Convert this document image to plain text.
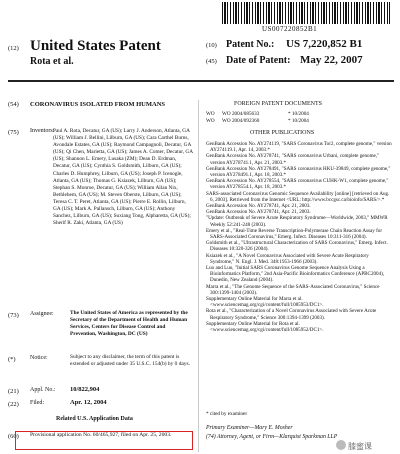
US007220852B1
(12) United States Patent
Rota et al.
(10) Patent No.: US 7,220,852 B1
(45) Date of Patent: May 22, 2007
(54) CORONAVIRUS ISOLATED FROM HUMANS	FOREIGN PATENT DOCUMENTS
WO WO 2004/085633	* 10/2004
WO WO 2004/092360	* 10/2004
OTHER PUBLICATIONS
(75) Inventors:
Paul A. Rota, Decatur, GA (US); Larry J. Anderson, Atlanta, GA (US); William J. Bellini, Lilburn, GA (US); Cara Carthel Burns, Avondale Estates, GA (US); Raymond Campagnoli, Decatur, GA (US); Qi Chen, Marietta, GA (US); James A. Comer, Decatur, GA (US); Shannon L. Emery, Lusaka (ZM); Dean D. Erdman, Decatur, GA (US); Cynthia S. Goldsmith, Lilburn, GA (US); Charles D. Humphrey, Lilburn, GA (US); Joseph P. Icenogle, Atlanta, GA (US); Thomas G. Ksiazek, Lilburn, GA (US); Stephan S. Monroe, Decatur, GA (US); William Allan Nix, Bethlehem, GA (US); M. Steven Oberste, Lilburn, GA (US); Teresa C. T. Peret, Atlanta, GA (US); Pierre E. Rollin, Lilburn, GA (US); Mark A. Pallansch, Lilburn, GA (US); Anthony Sanchez, Lilburn, GA (US); Suxiang Tong, Alpharetta, GA (US); Sherif R. Zaki, Atlanta, GA (US)
(73) Assignee:	The United States of America as represented by the Secretary of the Department of Health and Human Services, Centers for Disease Control and Prevention, Washington, DC (US)
(*) Notice:	Subject to any disclaimer, the term of this patent is extended or adjusted under 35 U.S.C. 154(b) by 0 days.
(21) Appl. No.: 10/822,904
(22) Filed:	Apr. 12, 2004
Related U.S. Application Data
(60) Provisional application No. 60/465,927, filed on Apr. 25, 2003.

GenBank Accession No. AY274119, "SARS Coronavirus Tor2, complete genome," version AY274119.1, Apr. 14, 2003.*

GenBank Accession No. AY278741, "SARS coronavirus Urbani, complete genome," version AY278741.1, Apr. 21, 2003.*

GenBank Accession No. AY278491, "SARS coronavirus HKU-39849, complete genome," version AY278491.1, Apr. 18, 2003.*

GenBank Accession No. AY278554, "SARS coronavirus CUHK-W1, complete genome," version AY278554.1, Apr. 18, 2003.*

SARS-associated Coronavirus Genomic Sequence Availability [online] [retrieved on Aug. 6, 2003]. Retrieved from the Internet <URL: http://www.bccgsc.ca/bioinfo/SARS/>.*

GenBank Accession No. AY278741, Apr. 21, 2003.

GenBank Accession No. AY278741, Apr. 21, 2003.

"Update: Outbreak of Severe Acute Respiratory Syndrome—Worldwide, 2003," MMWR Weekly 52:241-248 (2003).

Emery et al., "Real-Time Reverse Transcription-Polymerase Chain Reaction Assay for SARS-Associated Coronavirus," Emerg. Infect. Diseases 10:311-316 (2004).

Goldsmith et al., "Ultrastructural Characterization of SARS Coronavirus," Emerg. Infect. Diseases 10:320-326 (2004).

Ksiazek et al., "A Novel Coronavirus Associated with Severe Acute Respiratory Syndrome," N. Engl. J. Med. 348:1953-1966 (2003).

Luo and Luo, "Initial SARS Coronavirus Genome Sequence Analysis Using a Bioinformatics Platform," 2nd Asia-Pacific Bioinformatics Conference (APBC2004), Dunedin, New Zealand (2004).

Marra et al., "The Genome Sequence of the SARS-Associated Coronavirus," Science 300:1399-1404 (2003).

Supplementary Online Material for Marra et al. <www.sciencemag.org/cgi/content/full/1085953/DC1>.

Rota et al., "Characterization of a Novel Coronavirus Associated with Severe Acute Respiratory Syndrome," Science 300:1394-1399 (2003).

Supplementary Online Material for Rota et al. <www.sciencemag.org/cgi/content/full/1085952/DC1>.

* cited by examiner
Primary Examiner—Mary E. Mosher
(74) Attorney, Agent, or Firm—Klarquist Sparkman LLP
膝蜜课
